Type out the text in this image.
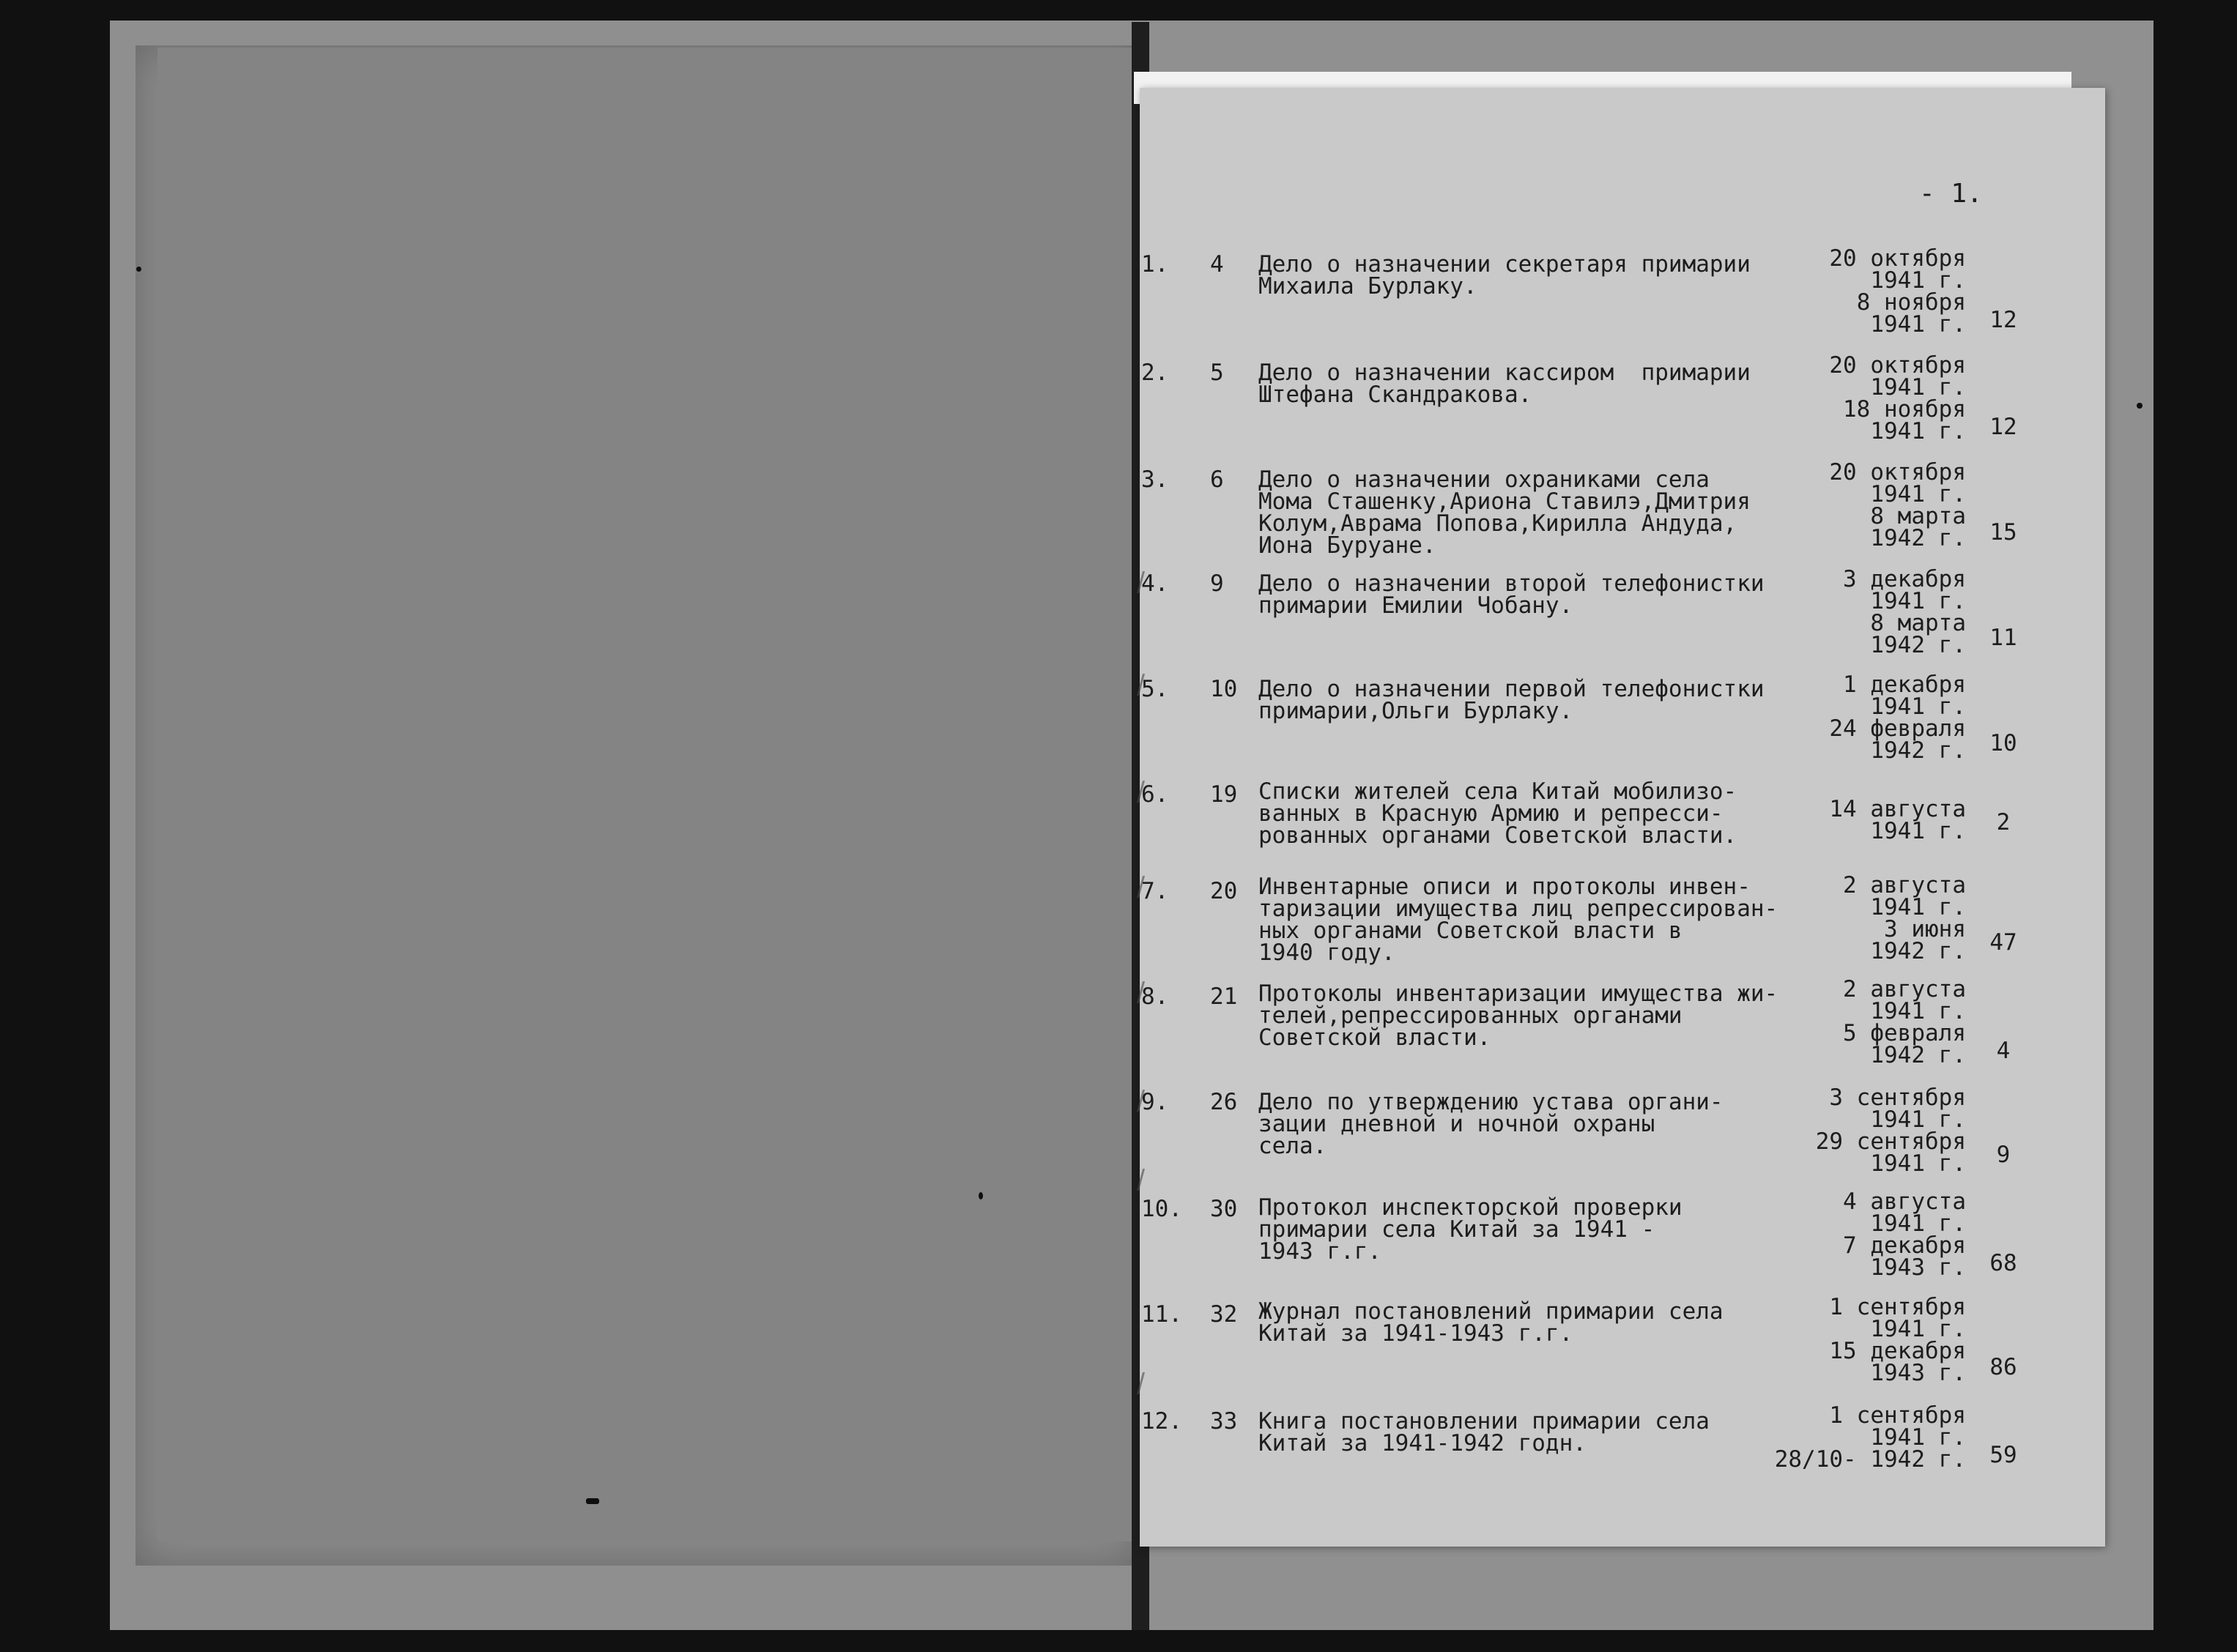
- 1.
1. 4 Дело о назначении секретаря примарии
Михаила Бурлаку.
20 октября
1941 г.
8 ноября
1941 г.	12
2. 5 Дело о назначении кассиром  примарии
Штефана Скандракова.
20 октября
1941 г.
18 ноября
1941 г.	12
3. 6 Дело о назначении охраниками села
Мома Сташенку,Ариона Ставилэ,Дмитрия
Колум,Аврама Попова,Кирилла Андуда,
Иона Буруане.
20 октября
1941 г.
8 марта
1942 г.	15
4. 9 Дело о назначении второй телефонистки
примарии Емилии Чобану.
3 декабря
1941 г.
8 марта
1942 г.	11
5. 10 Дело о назначении первой телефонистки
примарии,Ольги Бурлаку.
1 декабря
1941 г.
24 февраля
1942 г.	10
6. 19 Списки жителей села Китай мобилизо-
ванных в Красную Армию и репресси-
рованных органами Советской власти.
14 августа
1941 г.	2
7. 20 Инвентарные описи и протоколы инвен-
таризации имущества лиц репрессирован-
ных органами Советской власти в
1940 году.
2 августа
1941 г.
3 июня
1942 г.	47
8. 21 Протоколы инвентаризации имущества жи-
телей,репрессированных органами
Советской власти.
2 августа
1941 г.
5 февраля
1942 г.	4
9. 26 Дело по утверждению устава органи-
зации дневной и ночной охраны
села.
3 сентября
1941 г.
29 сентября
1941 г.	9
10. 30 Протокол инспекторской проверки
примарии села Китай за 1941 -
1943 г.г.
4 августа
1941 г.
7 декабря
1943 г.	68
11. 32 Журнал постановлений примарии села
Китай за 1941-1943 г.г.
1 сентября
1941 г.
15 декабря
1943 г.	86
12. 33 Книга постановлении примарии села
Китай за 1941-1942 годн.
1 сентября
1941 г.
28/10- 1942 г.	59
